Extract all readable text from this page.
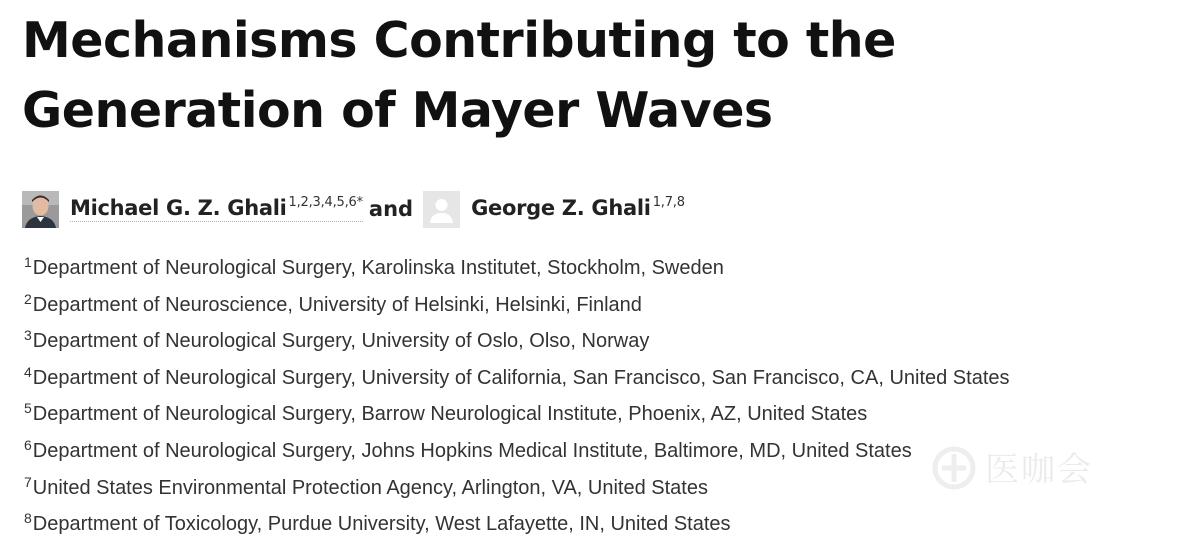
Mechanisms Contributing to the Generation of Mayer Waves
Michael G. Z. Ghali 1,2,3,4,5,6* and	George Z. Ghali 1,7,8
$^1$Department of Neurological Surgery, Karolinska Institutet, Stockholm, Sweden
$^2$Department of Neuroscience, University of Helsinki, Helsinki, Finland
$^3$Department of Neurological Surgery, University of Oslo, Olso, Norway
$^4$Department of Neurological Surgery, University of California, San Francisco, San Francisco, CA, United States
$^5$Department of Neurological Surgery, Barrow Neurological Institute, Phoenix, AZ, United States
$^6$Department of Neurological Surgery, Johns Hopkins Medical Institute, Baltimore, MD, United States
$^7$United States Environmental Protection Agency, Arlington, VA, United States
$^8$Department of Toxicology, Purdue University, West Lafayette, IN, United States
医咖会
